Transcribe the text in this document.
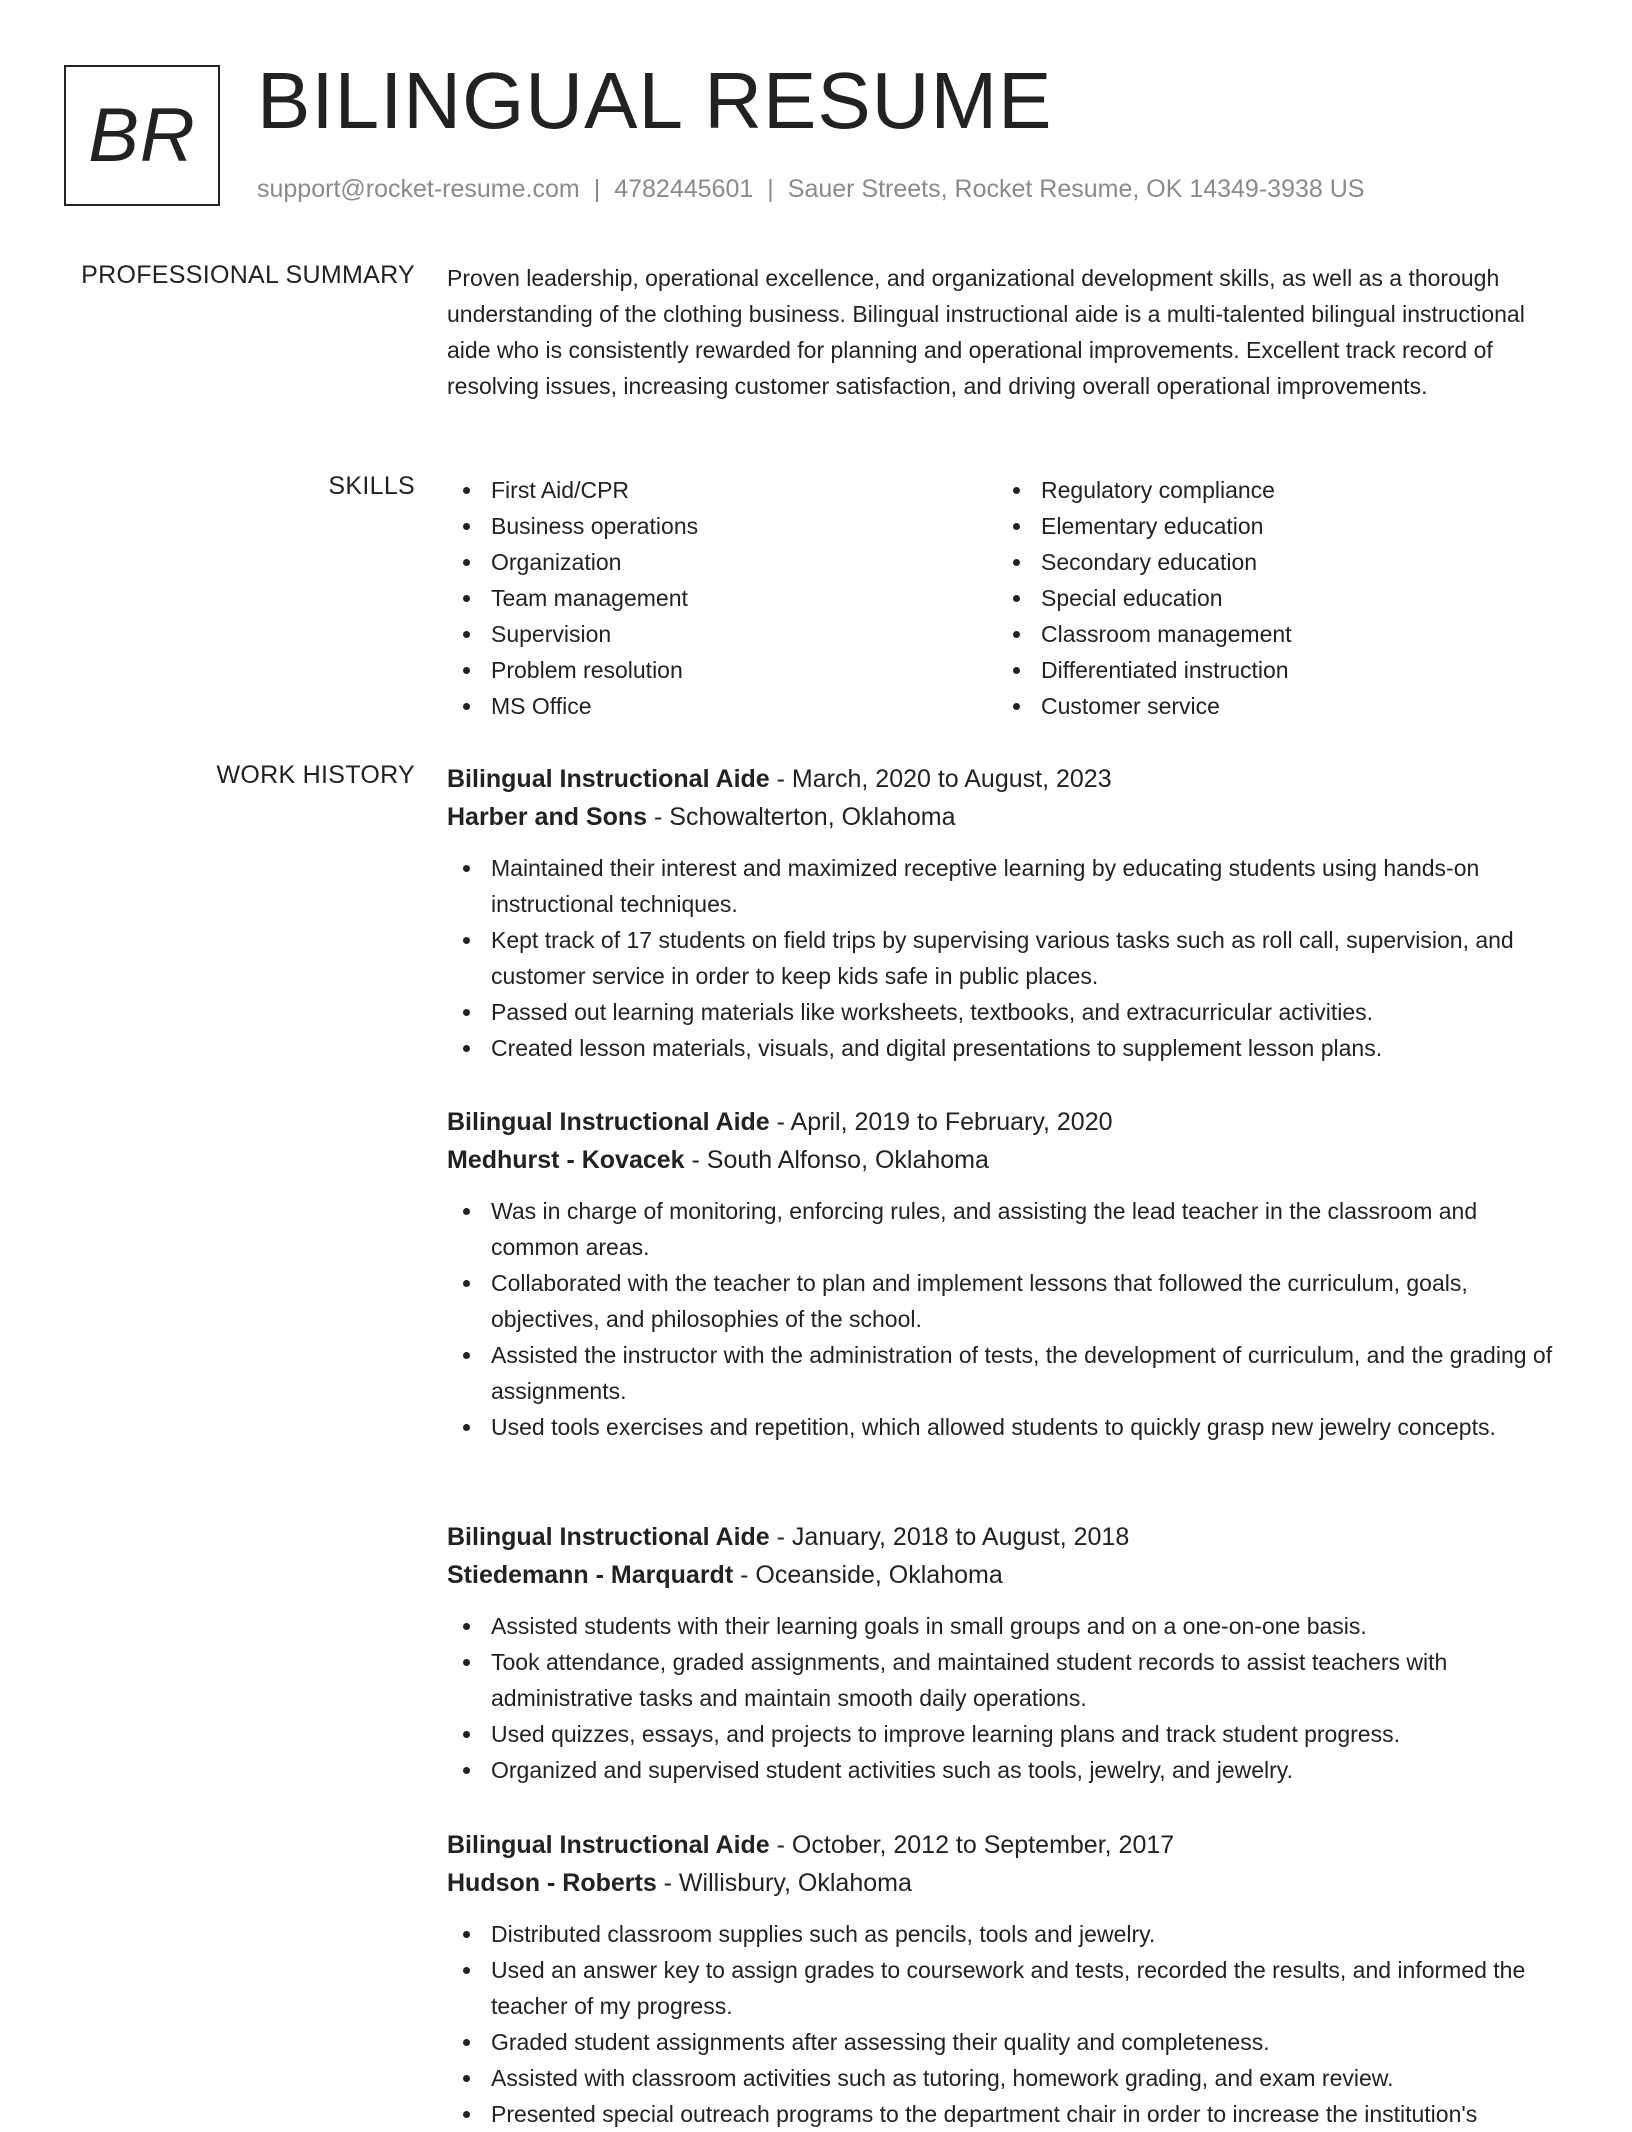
BR BILINGUAL RESUME
support@rocket-resume.com | 4782445601 | Sauer Streets, Rocket Resume, OK 14349-3938 US
PROFESSIONAL SUMMARY Proven leadership, operational excellence, and organizational development skills, as well as a thorough understanding of the clothing business. Bilingual instructional aide is a multi-talented bilingual instructional aide who is consistently rewarded for planning and operational improvements. Excellent track record of resolving issues, increasing customer satisfaction, and driving overall operational improvements.
SKILLS	First Aid/CPR
Business operations
Organization
Team management
Supervision
Problem resolution
MS Office
Regulatory compliance
Elementary education
Secondary education
Special education
Classroom management
Differentiated instruction
Customer service
WORK HISTORY Bilingual Instructional Aide - March, 2020 to August, 2023
Harber and Sons - Schowalterton, Oklahoma
Maintained their interest and maximized receptive learning by educating students using hands-on instructional techniques.
Kept track of 17 students on field trips by supervising various tasks such as roll call, supervision, and customer service in order to keep kids safe in public places.
Passed out learning materials like worksheets, textbooks, and extracurricular activities.
Created lesson materials, visuals, and digital presentations to supplement lesson plans.
Bilingual Instructional Aide - April, 2019 to February, 2020
Medhurst - Kovacek - South Alfonso, Oklahoma
Was in charge of monitoring, enforcing rules, and assisting the lead teacher in the classroom and common areas.
Collaborated with the teacher to plan and implement lessons that followed the curriculum, goals, objectives, and philosophies of the school.
Assisted the instructor with the administration of tests, the development of curriculum, and the grading of assignments.
Used tools exercises and repetition, which allowed students to quickly grasp new jewelry concepts.
Bilingual Instructional Aide - January, 2018 to August, 2018
Stiedemann - Marquardt - Oceanside, Oklahoma
Assisted students with their learning goals in small groups and on a one-on-one basis.
Took attendance, graded assignments, and maintained student records to assist teachers with administrative tasks and maintain smooth daily operations.
Used quizzes, essays, and projects to improve learning plans and track student progress.
Organized and supervised student activities such as tools, jewelry, and jewelry.
Bilingual Instructional Aide - October, 2012 to September, 2017
Hudson - Roberts - Willisbury, Oklahoma
Distributed classroom supplies such as pencils, tools and jewelry.
Used an answer key to assign grades to coursework and tests, recorded the results, and informed the teacher of my progress.
Graded student assignments after assessing their quality and completeness.
Assisted with classroom activities such as tutoring, homework grading, and exam review.
Presented special outreach programs to the department chair in order to increase the institution's
